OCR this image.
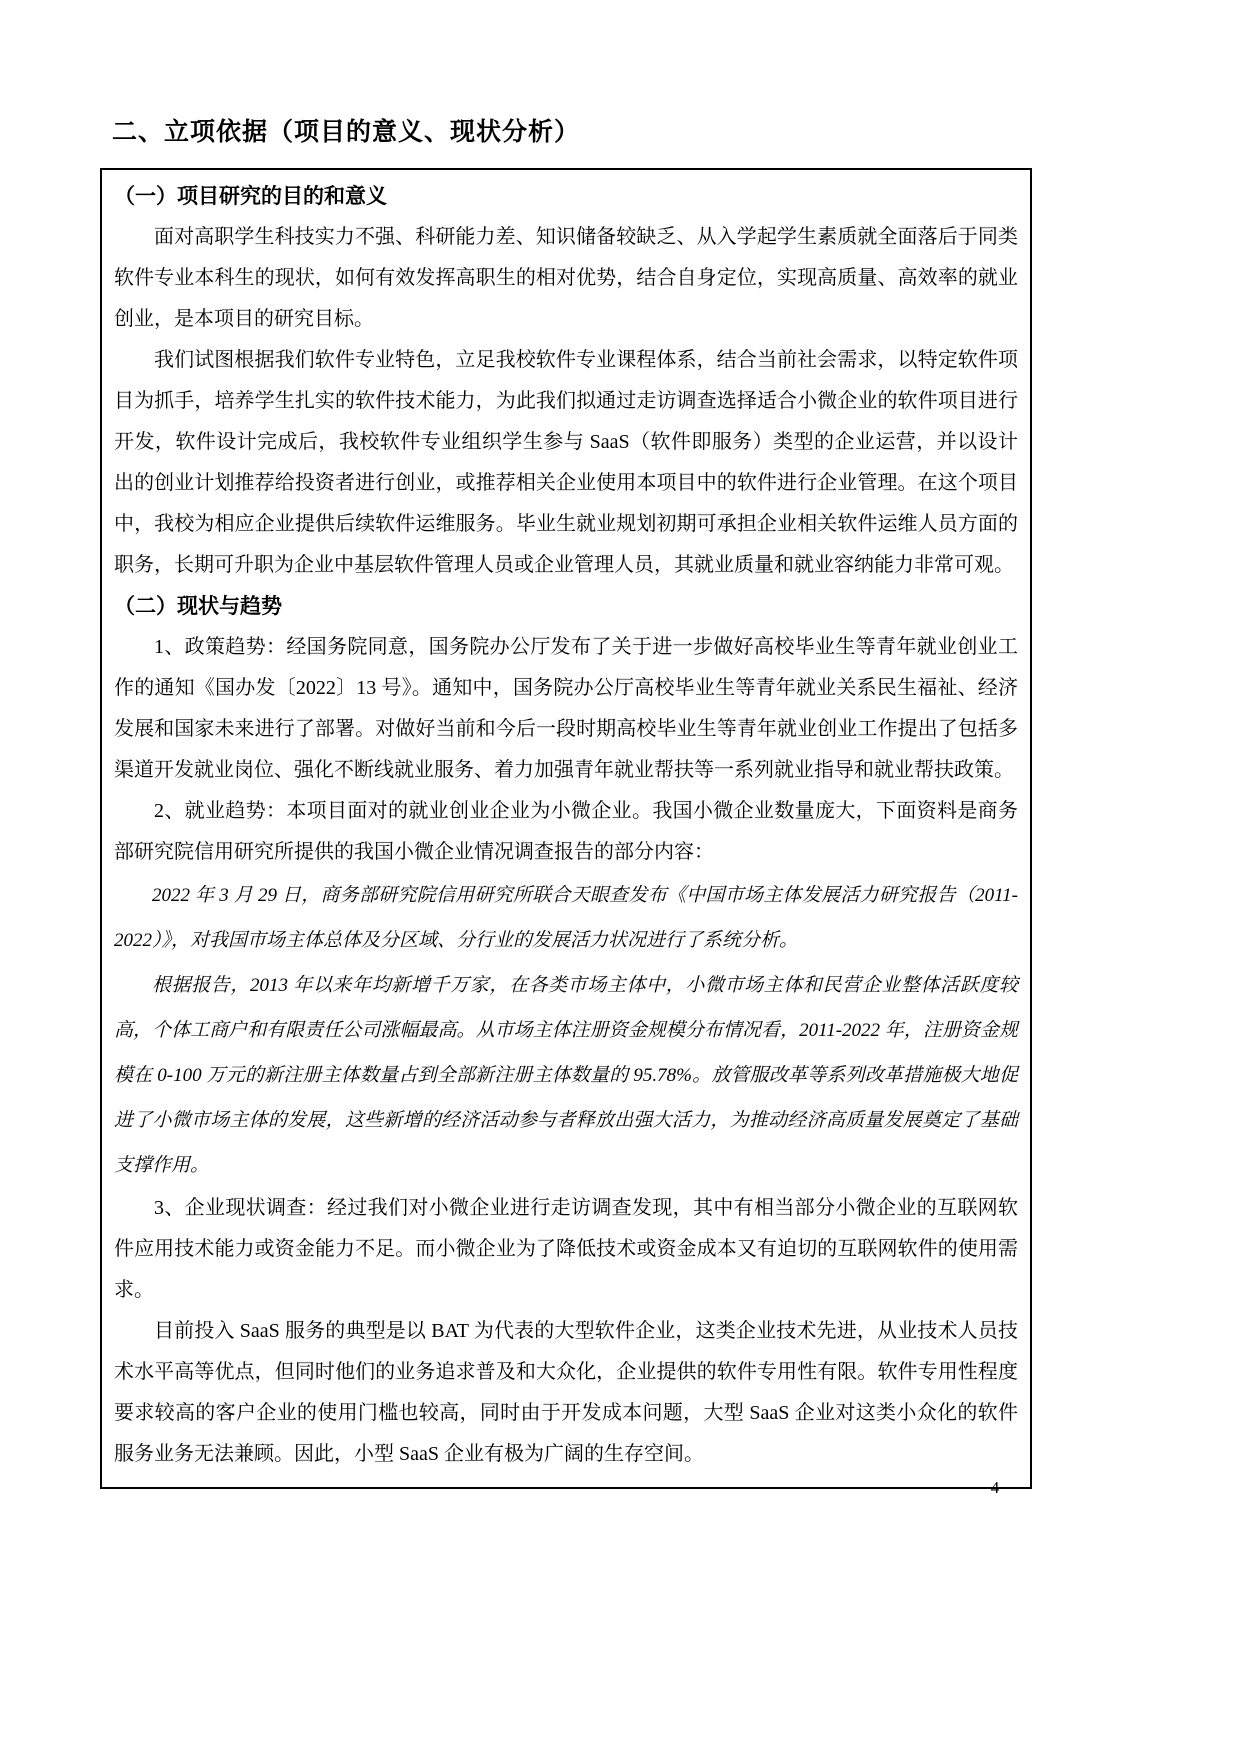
二、立项依据（项目的意义、现状分析）
（一）项目研究的目的和意义

面对高职学生科技实力不强、科研能力差、知识储备较缺乏、从入学起学生素质就全面落后于同类软件专业本科生的现状，如何有效发挥高职生的相对优势，结合自身定位，实现高质量、高效率的就业创业，是本项目的研究目标。

我们试图根据我们软件专业特色，立足我校软件专业课程体系，结合当前社会需求，以特定软件项目为抓手，培养学生扎实的软件技术能力，为此我们拟通过走访调查选择适合小微企业的软件项目进行开发，软件设计完成后，我校软件专业组织学生参与 SaaS（软件即服务）类型的企业运营，并以设计出的创业计划推荐给投资者进行创业，或推荐相关企业使用本项目中的软件进行企业管理。在这个项目中，我校为相应企业提供后续软件运维服务。毕业生就业规划初期可承担企业相关软件运维人员方面的职务，长期可升职为企业中基层软件管理人员或企业管理人员，其就业质量和就业容纳能力非常可观。

（二）现状与趋势

1、政策趋势：经国务院同意，国务院办公厅发布了关于进一步做好高校毕业生等青年就业创业工作的通知《国办发〔2022〕13 号》。通知中，国务院办公厅高校毕业生等青年就业关系民生福祉、经济发展和国家未来进行了部署。对做好当前和今后一段时期高校毕业生等青年就业创业工作提出了包括多渠道开发就业岗位、强化不断线就业服务、着力加强青年就业帮扶等一系列就业指导和就业帮扶政策。

2、就业趋势：本项目面对的就业创业企业为小微企业。我国小微企业数量庞大，下面资料是商务部研究院信用研究所提供的我国小微企业情况调查报告的部分内容：

2022 年 3 月 29 日，商务部研究院信用研究所联合天眼查发布《中国市场主体发展活力研究报告（2011-2022）》，对我国市场主体总体及分区域、分行业的发展活力状况进行了系统分析。

根据报告，2013 年以来年均新增千万家，在各类市场主体中，小微市场主体和民营企业整体活跃度较高，个体工商户和有限责任公司涨幅最高。从市场主体注册资金规模分布情况看，2011-2022 年，注册资金规模在 0-100 万元的新注册主体数量占到全部新注册主体数量的 95.78%。放管服改革等系列改革措施极大地促进了小微市场主体的发展，这些新增的经济活动参与者释放出强大活力，为推动经济高质量发展奠定了基础支撑作用。

3、企业现状调查：经过我们对小微企业进行走访调查发现，其中有相当部分小微企业的互联网软件应用技术能力或资金能力不足。而小微企业为了降低技术或资金成本又有迫切的互联网软件的使用需求。

目前投入 SaaS 服务的典型是以 BAT 为代表的大型软件企业，这类企业技术先进，从业技术人员技术水平高等优点，但同时他们的业务追求普及和大众化，企业提供的软件专用性有限。软件专用性程度要求较高的客户企业的使用门槛也较高，同时由于开发成本问题，大型 SaaS 企业对这类小众化的软件服务业务无法兼顾。因此，小型 SaaS 企业有极为广阔的生存空间。

4
